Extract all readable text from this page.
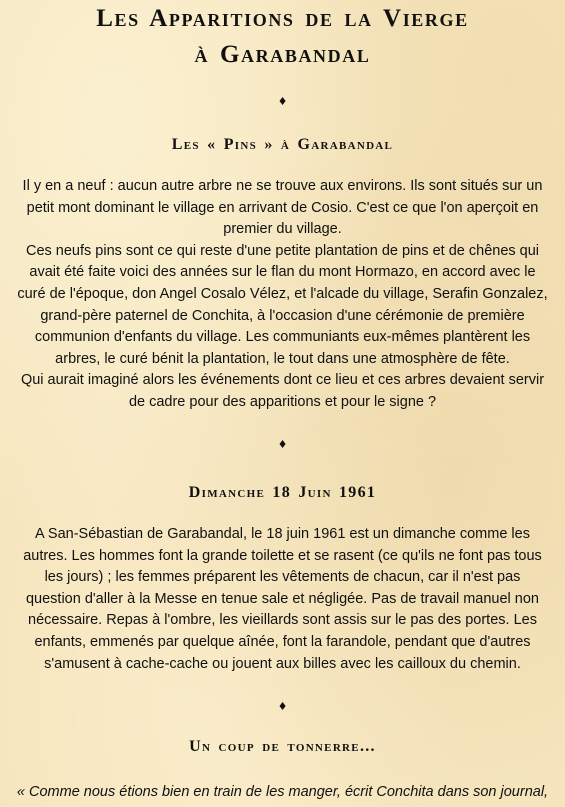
Les Apparitions de la Vierge
à Garabandal
♦
Les « Pins » à Garabandal
Il y en a neuf : aucun autre arbre ne se trouve aux environs. Ils sont situés sur un
petit mont dominant le village en arrivant de Cosio. C'est ce que l'on aperçoit en
premier du village.
Ces neufs pins sont ce qui reste d'une petite plantation de pins et de chênes qui
avait été faite voici des années sur le flan du mont Hormazo, en accord avec le
curé de l'époque, don Angel Cosalo Vélez, et l'alcade du village, Serafin Gonzalez,
grand-père paternel de Conchita, à l'occasion d'une cérémonie de première
communion d'enfants du village. Les communiants eux-mêmes plantèrent les
arbres, le curé bénit la plantation, le tout dans une atmosphère de fête.
Qui aurait imaginé alors les événements dont ce lieu et ces arbres devaient servir
de cadre pour des apparitions et pour le signe ?
♦
Dimanche 18 Juin 1961
A San-Sébastian de Garabandal, le 18 juin 1961 est un dimanche comme les
autres. Les hommes font la grande toilette et se rasent (ce qu'ils ne font pas tous
les jours) ; les femmes préparent les vêtements de chacun, car il n'est pas
question d'aller à la Messe en tenue sale et négligée. Pas de travail manuel non
nécessaire. Repas à l'ombre, les vieillards sont assis sur le pas des portes. Les
enfants, emmenés par quelque aînée, font la farandole, pendant que d'autres
s'amusent à cache-cache ou jouent aux billes avec les cailloux du chemin.
♦
Un coup de tonnerre...

« Comme nous étions bien en train de les manger, écrit Conchita dans son journal,
